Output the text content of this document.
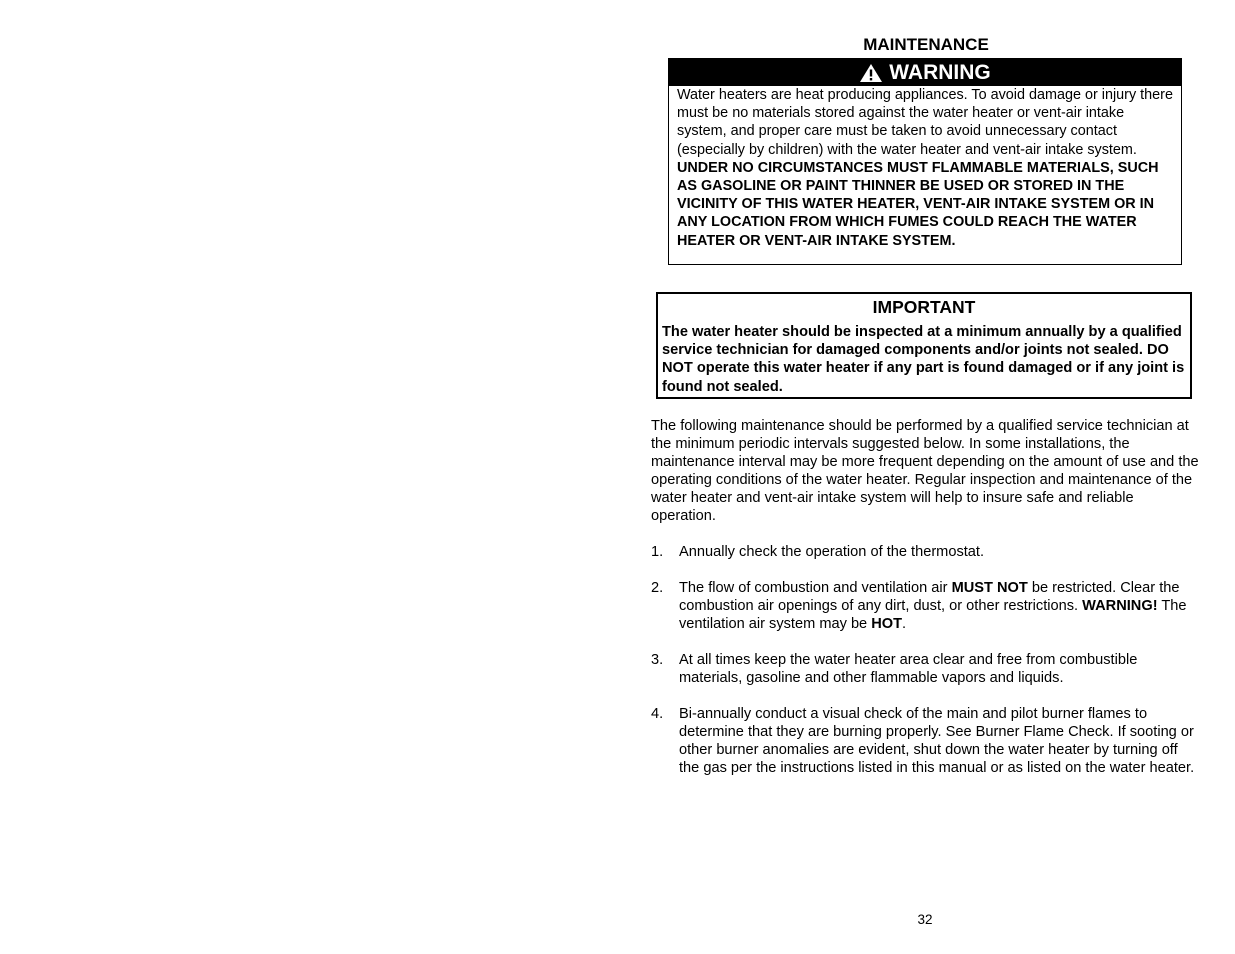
MAINTENANCE
WARNING
Water heaters are heat producing appliances. To avoid damage or injury there must be no materials stored against the water heater or vent-air intake system, and proper care must be taken to avoid unnecessary contact (especially by children) with the water heater and vent-air intake system. UNDER NO CIRCUMSTANCES MUST FLAMMABLE MATERIALS, SUCH AS GASOLINE OR PAINT THINNER BE USED OR STORED IN THE VICINITY OF THIS WATER HEATER, VENT-AIR INTAKE SYSTEM OR IN ANY LOCATION FROM WHICH FUMES COULD REACH THE WATER HEATER OR VENT-AIR INTAKE SYSTEM.
IMPORTANT
The water heater should be inspected at a minimum annually by a qualified service technician for damaged components and/or joints not sealed. DO NOT operate this water heater if any part is found damaged or if any joint is found not sealed.
The following maintenance should be performed by a qualified service technician at the minimum periodic intervals suggested below. In some installations, the maintenance interval may be more frequent depending on the amount of use and the operating conditions of the water heater. Regular inspection and maintenance of the water heater and vent-air intake system will help to insure safe and reliable operation.
1.	Annually check the operation of the thermostat.
2.	The flow of combustion and ventilation air MUST NOT be restricted. Clear the combustion air openings of any dirt, dust, or other restrictions. WARNING! The ventilation air system may be HOT.
3.	At all times keep the water heater area clear and free from combustible materials, gasoline and other flammable vapors and liquids.
4.	Bi-annually conduct a visual check of the main and pilot burner flames to determine that they are burning properly. See Burner Flame Check. If sooting or other burner anomalies are evident, shut down the water heater by turning off the gas per the instructions listed in this manual or as listed on the water heater.
32
